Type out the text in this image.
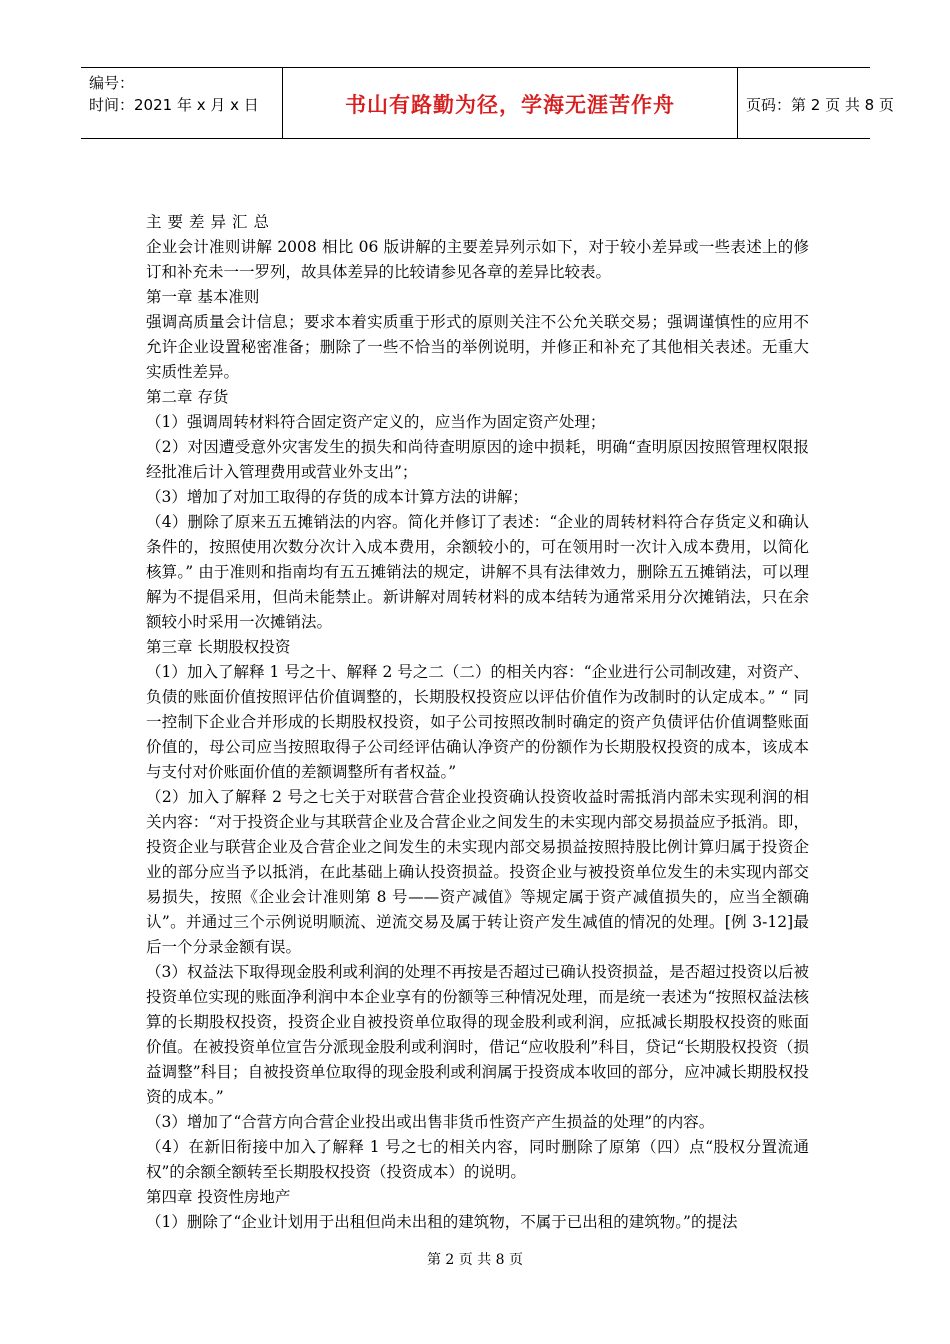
编号：
时间：2021 年 x 月 x 日	书山有路勤为径，学海无涯苦作舟	页码：第 2 页 共 8 页

主要差异汇总

企业会计准则讲解 2008 相比 06 版讲解的主要差异列示如下，对于较小差异或一些表述上的修订和补充未一一罗列，故具体差异的比较请参见各章的差异比较表。

第一章 基本准则

强调高质量会计信息；要求本着实质重于形式的原则关注不公允关联交易；强调谨慎性的应用不允许企业设置秘密准备；删除了一些不恰当的举例说明，并修正和补充了其他相关表述。无重大实质性差异。

第二章 存货

（1）强调周转材料符合固定资产定义的，应当作为固定资产处理；

（2）对因遭受意外灾害发生的损失和尚待查明原因的途中损耗，明确“查明原因按照管理权限报经批准后计入管理费用或营业外支出”；

（3）增加了对加工取得的存货的成本计算方法的讲解；

（4）删除了原来五五摊销法的内容。简化并修订了表述：“企业的周转材料符合存货定义和确认条件的，按照使用次数分次计入成本费用，余额较小的，可在领用时一次计入成本费用，以简化核算。” 由于准则和指南均有五五摊销法的规定，讲解不具有法律效力，删除五五摊销法，可以理解为不提倡采用，但尚未能禁止。新讲解对周转材料的成本结转为通常采用分次摊销法，只在余额较小时采用一次摊销法。

第三章 长期股权投资

（1）加入了解释 1 号之十、解释 2 号之二（二）的相关内容：“企业进行公司制改建，对资产、负债的账面价值按照评估价值调整的，长期股权投资应以评估价值作为改制时的认定成本。” “ 同一控制下企业合并形成的长期股权投资，如子公司按照改制时确定的资产负债评估价值调整账面价值的，母公司应当按照取得子公司经评估确认净资产的份额作为长期股权投资的成本，该成本与支付对价账面价值的差额调整所有者权益。”

（2）加入了解释 2 号之七关于对联营合营企业投资确认投资收益时需抵消内部未实现利润的相关内容：“对于投资企业与其联营企业及合营企业之间发生的未实现内部交易损益应予抵消。即，投资企业与联营企业及合营企业之间发生的未实现内部交易损益按照持股比例计算归属于投资企业的部分应当予以抵消，在此基础上确认投资损益。投资企业与被投资单位发生的未实现内部交易损失，按照《企业会计准则第 8 号——资产减值》等规定属于资产减值损失的，应当全额确认”。并通过三个示例说明顺流、逆流交易及属于转让资产发生减值的情况的处理。[例 3-12]最后一个分录金额有误。

（3）权益法下取得现金股利或利润的处理不再按是否超过已确认投资损益，是否超过投资以后被投资单位实现的账面净利润中本企业享有的份额等三种情况处理，而是统一表述为“按照权益法核算的长期股权投资，投资企业自被投资单位取得的现金股利或利润，应抵减长期股权投资的账面价值。在被投资单位宣告分派现金股利或利润时，借记“应收股利”科目，贷记“长期股权投资（损益调整”科目；自被投资单位取得的现金股利或利润属于投资成本收回的部分，应冲减长期股权投资的成本。”

（3）增加了“合营方向合营企业投出或出售非货币性资产产生损益的处理”的内容。

（4）在新旧衔接中加入了解释 1 号之七的相关内容，同时删除了原第（四）点“股权分置流通权”的余额全额转至长期股权投资（投资成本）的说明。

第四章 投资性房地产

（1）删除了“企业计划用于出租但尚未出租的建筑物，不属于已出租的建筑物。”的提法

第 2 页 共 8 页
